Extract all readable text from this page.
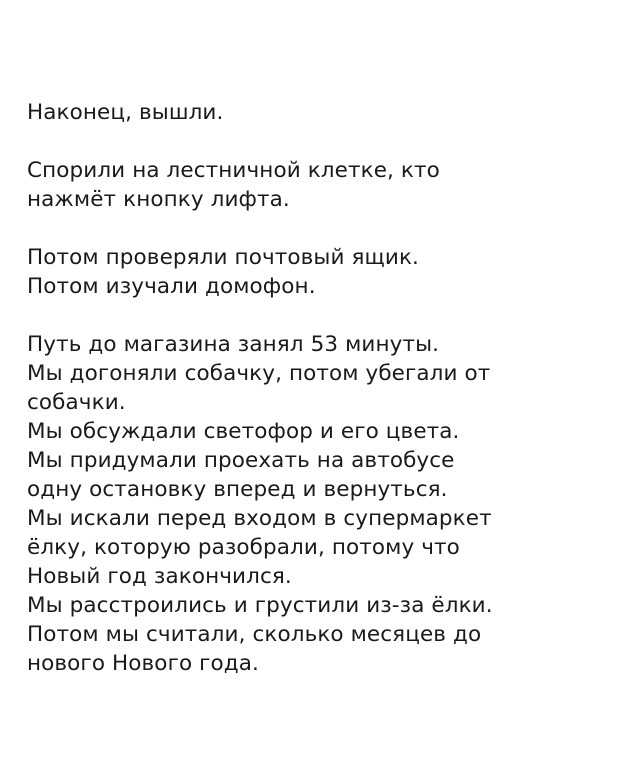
Наконец, вышли.

Спорили на лестничной клетке, кто
нажмёт кнопку лифта.

Потом проверяли почтовый ящик.
Потом изучали домофон.

Путь до магазина занял 53 минуты.
Мы догоняли собачку, потом убегали от
собачки.
Мы обсуждали светофор и его цвета.
Мы придумали проехать на автобусе
одну остановку вперед и вернуться.
Мы искали перед входом в супермаркет
ёлку, которую разобрали, потому что
Новый год закончился.
Мы расстроились и грустили из-за ёлки.
Потом мы считали, сколько месяцев до
нового Нового года.
